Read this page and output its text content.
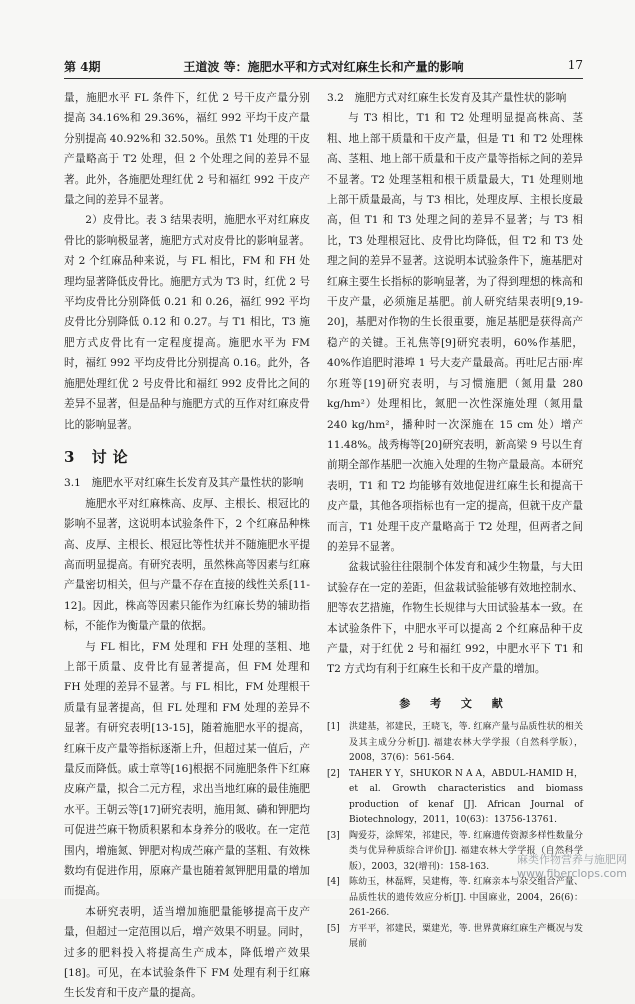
第 4期	王道波 等：施肥水平和方式对红麻生长和产量的影响	17

量，施肥水平 FL 条件下，红优 2 号干皮产量分别提高 34.16%和 29.36%，福红 992 平均干皮产量分别提高 40.92%和 32.50%。虽然 T1 处理的干皮产量略高于 T2 处理，但 2 个处理之间的差异不显著。此外，各施肥处理红优 2 号和福红 992 干皮产量之间的差异不显著。

2）皮骨比。表 3 结果表明，施肥水平对红麻皮骨比的影响极显著，施肥方式对皮骨比的影响显著。对 2 个红麻品种来说，与 FL 相比，FM 和 FH 处理均显著降低皮骨比。施肥方式为 T3 时，红优 2 号平均皮骨比分别降低 0.21 和 0.26，福红 992 平均皮骨比分别降低 0.12 和 0.27。与 T1 相比，T3 施肥方式皮骨比有一定程度提高。施肥水平为 FM 时，福红 992 平均皮骨比分别提高 0.16。此外，各施肥处理红优 2 号皮骨比和福红 992 皮骨比之间的差异不显著，但是品种与施肥方式的互作对红麻皮骨比的影响显著。

3 讨论

3.1　施肥水平对红麻生长发育及其产量性状的影响

施肥水平对红麻株高、皮厚、主根长、根冠比的影响不显著，这说明本试验条件下，2 个红麻品种株高、皮厚、主根长、根冠比等性状并不随施肥水平提高而明显提高。有研究表明，虽然株高等因素与红麻产量密切相关，但与产量不存在直接的线性关系[11-12]。因此，株高等因素只能作为红麻长势的辅助指标，不能作为衡量产量的依据。

与 FL 相比，FM 处理和 FH 处理的茎粗、地上部干质量、皮骨比有显著提高，但 FM 处理和 FH 处理的差异不显著。与 FL 相比，FM 处理根干质量有显著提高，但 FL 处理和 FM 处理的差异不显著。有研究表明[13-15]，随着施肥水平的提高，红麻干皮产量等指标逐渐上升，但超过某一值后，产量反而降低。戚士章等[16]根据不同施肥条件下红麻皮麻产量，拟合二元方程，求出当地红麻的最佳施肥水平。王朝云等[17]研究表明，施用氮、磷和钾肥均可促进苎麻干物质积累和本身养分的吸收。在一定范围内，增施氮、钾肥对构成苎麻产量的茎粗、有效株数均有促进作用，原麻产量也随着氮钾肥用量的增加而提高。

本研究表明，适当增加施肥量能够提高干皮产量，但超过一定范围以后，增产效果不明显。同时，过多的肥料投入将提高生产成本，降低增产效果[18]。可见，在本试验条件下 FM 处理有利于红麻生长发育和干皮产量的提高。

3.2　施肥方式对红麻生长发育及其产量性状的影响

与 T3 相比，T1 和 T2 处理明显提高株高、茎粗、地上部干质量和干皮产量，但是 T1 和 T2 处理株高、茎粗、地上部干质量和干皮产量等指标之间的差异不显著。T2 处理茎粗和根干质量最大，T1 处理则地上部干质量最高，与 T3 相比，处理皮厚、主根长度最高，但 T1 和 T3 处理之间的差异不显著；与 T3 相比，T3 处理根冠比、皮骨比均降低，但 T2 和 T3 处理之间的差异不显著。这说明本试验条件下，施基肥对红麻主要生长指标的影响显著，为了得到理想的株高和干皮产量，必须施足基肥。前人研究结果表明[9,19-20]，基肥对作物的生长很重要，施足基肥是获得高产稳产的关键。王礼焦等[9]研究表明，60%作基肥，40%作追肥时港埠 1 号大麦产量最高。再吐尼古丽·库尔班等[19]研究表明，与习惯施肥（氮用量 280 kg/hm²）处理相比，氮肥一次性深施处理（氮用量 240 kg/hm²，播种时一次深施在 15 cm 处）增产 11.48%。战秀梅等[20]研究表明，新高梁 9 号以生育前期全部作基肥一次施入处理的生物产量最高。本研究表明，T1 和 T2 均能够有效地促进红麻生长和提高干皮产量，其他各项指标也有一定的提高，但就干皮产量而言，T1 处理干皮产量略高于 T2 处理，但两者之间的差异不显著。

盆栽试验往往限制个体发育和减少生物量，与大田试验存在一定的差距，但盆栽试验能够有效地控制水、肥等农艺措施，作物生长规律与大田试验基本一致。在本试验条件下，中肥水平可以提高 2 个红麻品种干皮产量，对于红优 2 号和福红 992，中肥水平下 T1 和 T2 方式均有利于红麻生长和干皮产量的增加。

参 考 文 献

[1] 洪建基，祁建民，王晓飞，等. 红麻产量与品质性状的相关及其主成分分析[J]. 福建农林大学学报（自然科学版），2008，37(6)：561-564.

[2] TAHER Y Y，SHUKOR N A A，ABDUL-HAMID H，et al. Growth characteristics and biomass production of kenaf [J]. African Journal of Biotechnology，2011，10(63)：13756-13761.

[3] 陶爱芬，涂辉荣，祁建民，等. 红麻遗传资源多样性数量分类与优异种质综合评价[J]. 福建农林大学学报（自然科学版），2003，32(增刊)：158-163.

[4] 陈幼玉，林磊辉，吴建梅，等. 红麻亲本与杂交组合产量、品质性状的遗传效应分析[J]. 中国麻业，2004，26(6)：261-266.

[5] 方平平，祁建民，粟建光，等. 世界黄麻红麻生产概况与发展前

麻类作物营养与施肥网
www.fiberclops.com
